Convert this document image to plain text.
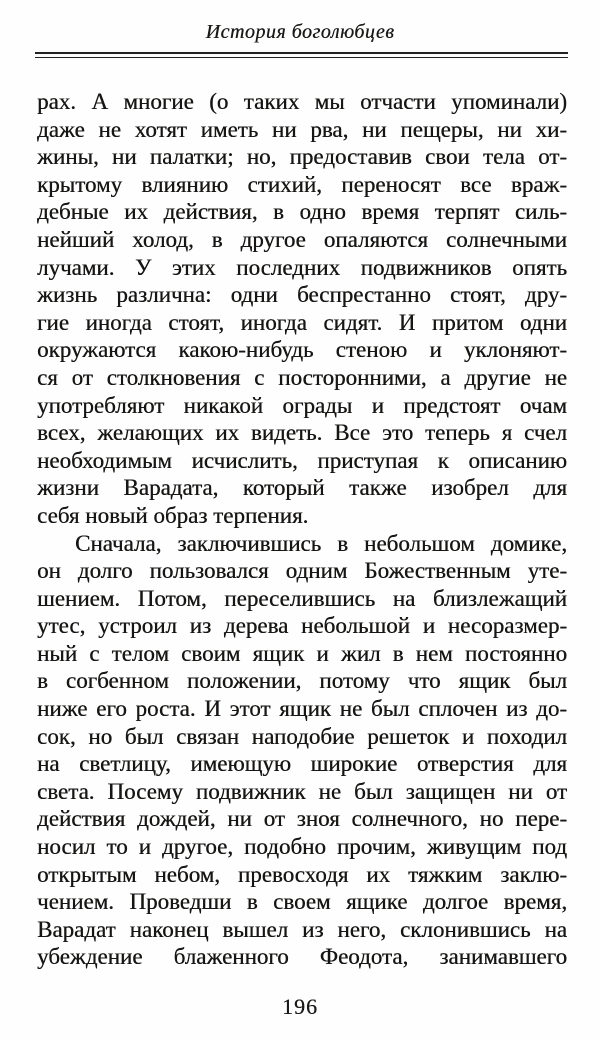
История боголюбцев
рах. А многие (о таких мы отчасти упоминали)
даже не хотят иметь ни рва, ни пещеры, ни хи-
жины, ни палатки; но, предоставив свои тела от-
крытому влиянию стихий, переносят все враж-
дебные их действия, в одно время терпят силь-
нейший холод, в другое опаляются солнечными
лучами. У этих последних подвижников опять
жизнь различна: одни беспрестанно стоят, дру-
гие иногда стоят, иногда сидят. И притом одни
окружаются какою-нибудь стеною и уклоняют-
ся от столкновения с посторонними, а другие не
употребляют никакой ограды и предстоят очам
всех, желающих их видеть. Все это теперь я счел
необходимым исчислить, приступая к описанию
жизни Варадата, который также изобрел для
себя новый образ терпения.
Сначала, заключившись в небольшом домике,
он долго пользовался одним Божественным уте-
шением. Потом, переселившись на близлежащий
утес, устроил из дерева небольшой и несоразмер-
ный с телом своим ящик и жил в нем постоянно
в согбенном положении, потому что ящик был
ниже его роста. И этот ящик не был сплочен из до-
сок, но был связан наподобие решеток и походил
на светлицу, имеющую широкие отверстия для
света. Посему подвижник не был защищен ни от
действия дождей, ни от зноя солнечного, но пере-
носил то и другое, подобно прочим, живущим под
открытым небом, превосходя их тяжким заклю-
чением. Проведши в своем ящике долгое время,
Варадат наконец вышел из него, склонившись на
убеждение блаженного Феодота, занимавшего
196
